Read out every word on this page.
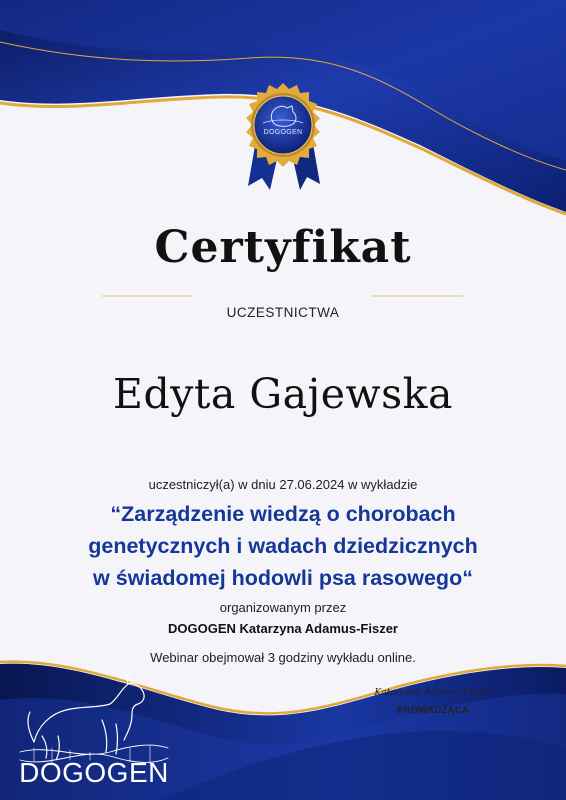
DOGOGEN
Certyfikat
UCZESTNICTWA
Edyta Gajewska
uczestniczył(a) w dniu 27.06.2024 w wykładzie
“Zarządzenie wiedzą o chorobach
genetycznych i wadach dziedzicznych
w świadomej hodowli psa rasowego“
organizowanym przez
DOGOGEN Katarzyna Adamus-Fiszer
Webinar obejmował 3 godziny wykładu online.
Katarzyna Adamus-Fiszer
PROWADZĄCA
DOGOGEN
